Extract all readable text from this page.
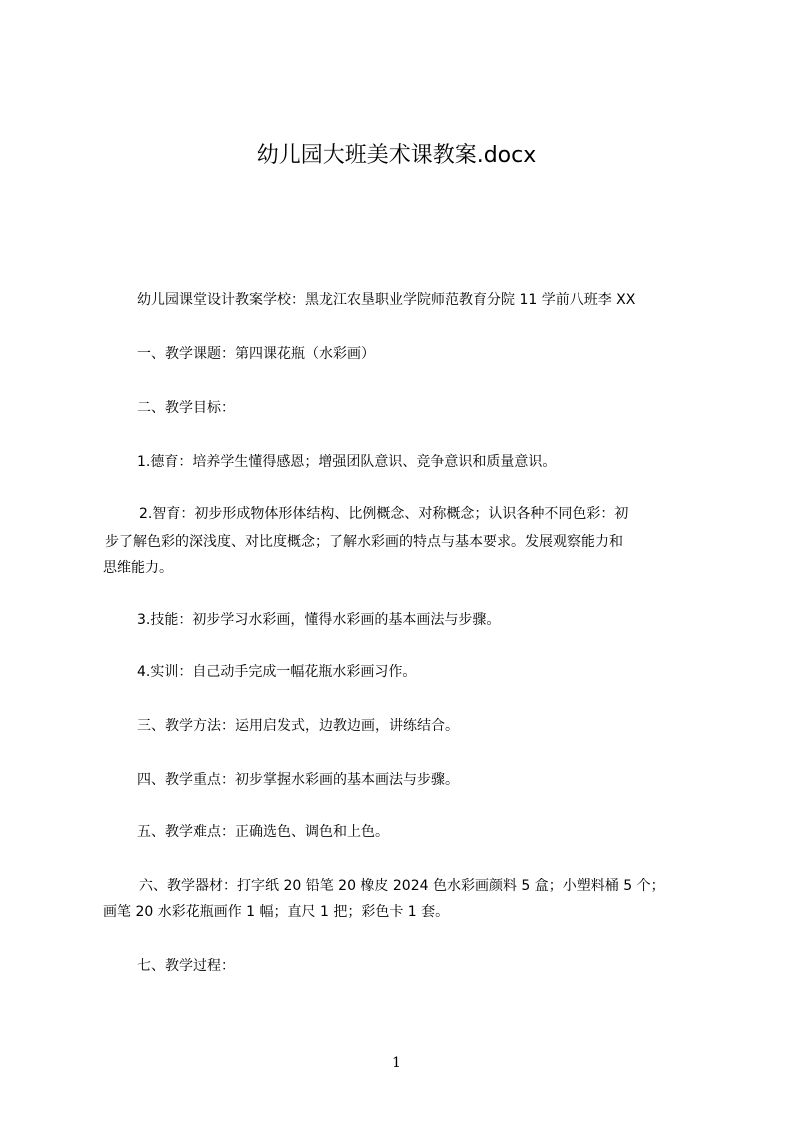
幼儿园大班美术课教案.docx

幼儿园课堂设计教案学校：黑龙江农垦职业学院师范教育分院 11 学前八班李 XX

一、教学课题：第四课花瓶（水彩画）

二、教学目标：

1.德育：培养学生懂得感恩；增强团队意识、竞争意识和质量意识。

2.智育：初步形成物体形体结构、比例概念、对称概念；认识各种不同色彩：初

步了解色彩的深浅度、对比度概念；了解水彩画的特点与基本要求。发展观察能力和

思维能力。

3.技能：初步学习水彩画，懂得水彩画的基本画法与步骤。

4.实训：自己动手完成一幅花瓶水彩画习作。

三、教学方法：运用启发式，边教边画，讲练结合。

四、教学重点：初步掌握水彩画的基本画法与步骤。

五、教学难点：正确选色、调色和上色。

六、教学器材：打字纸 20 铅笔 20 橡皮 2024 色水彩画颜料 5 盒；小塑料桶 5 个；

画笔 20 水彩花瓶画作 1 幅；直尺 1 把；彩色卡 1 套。

七、教学过程：

1
